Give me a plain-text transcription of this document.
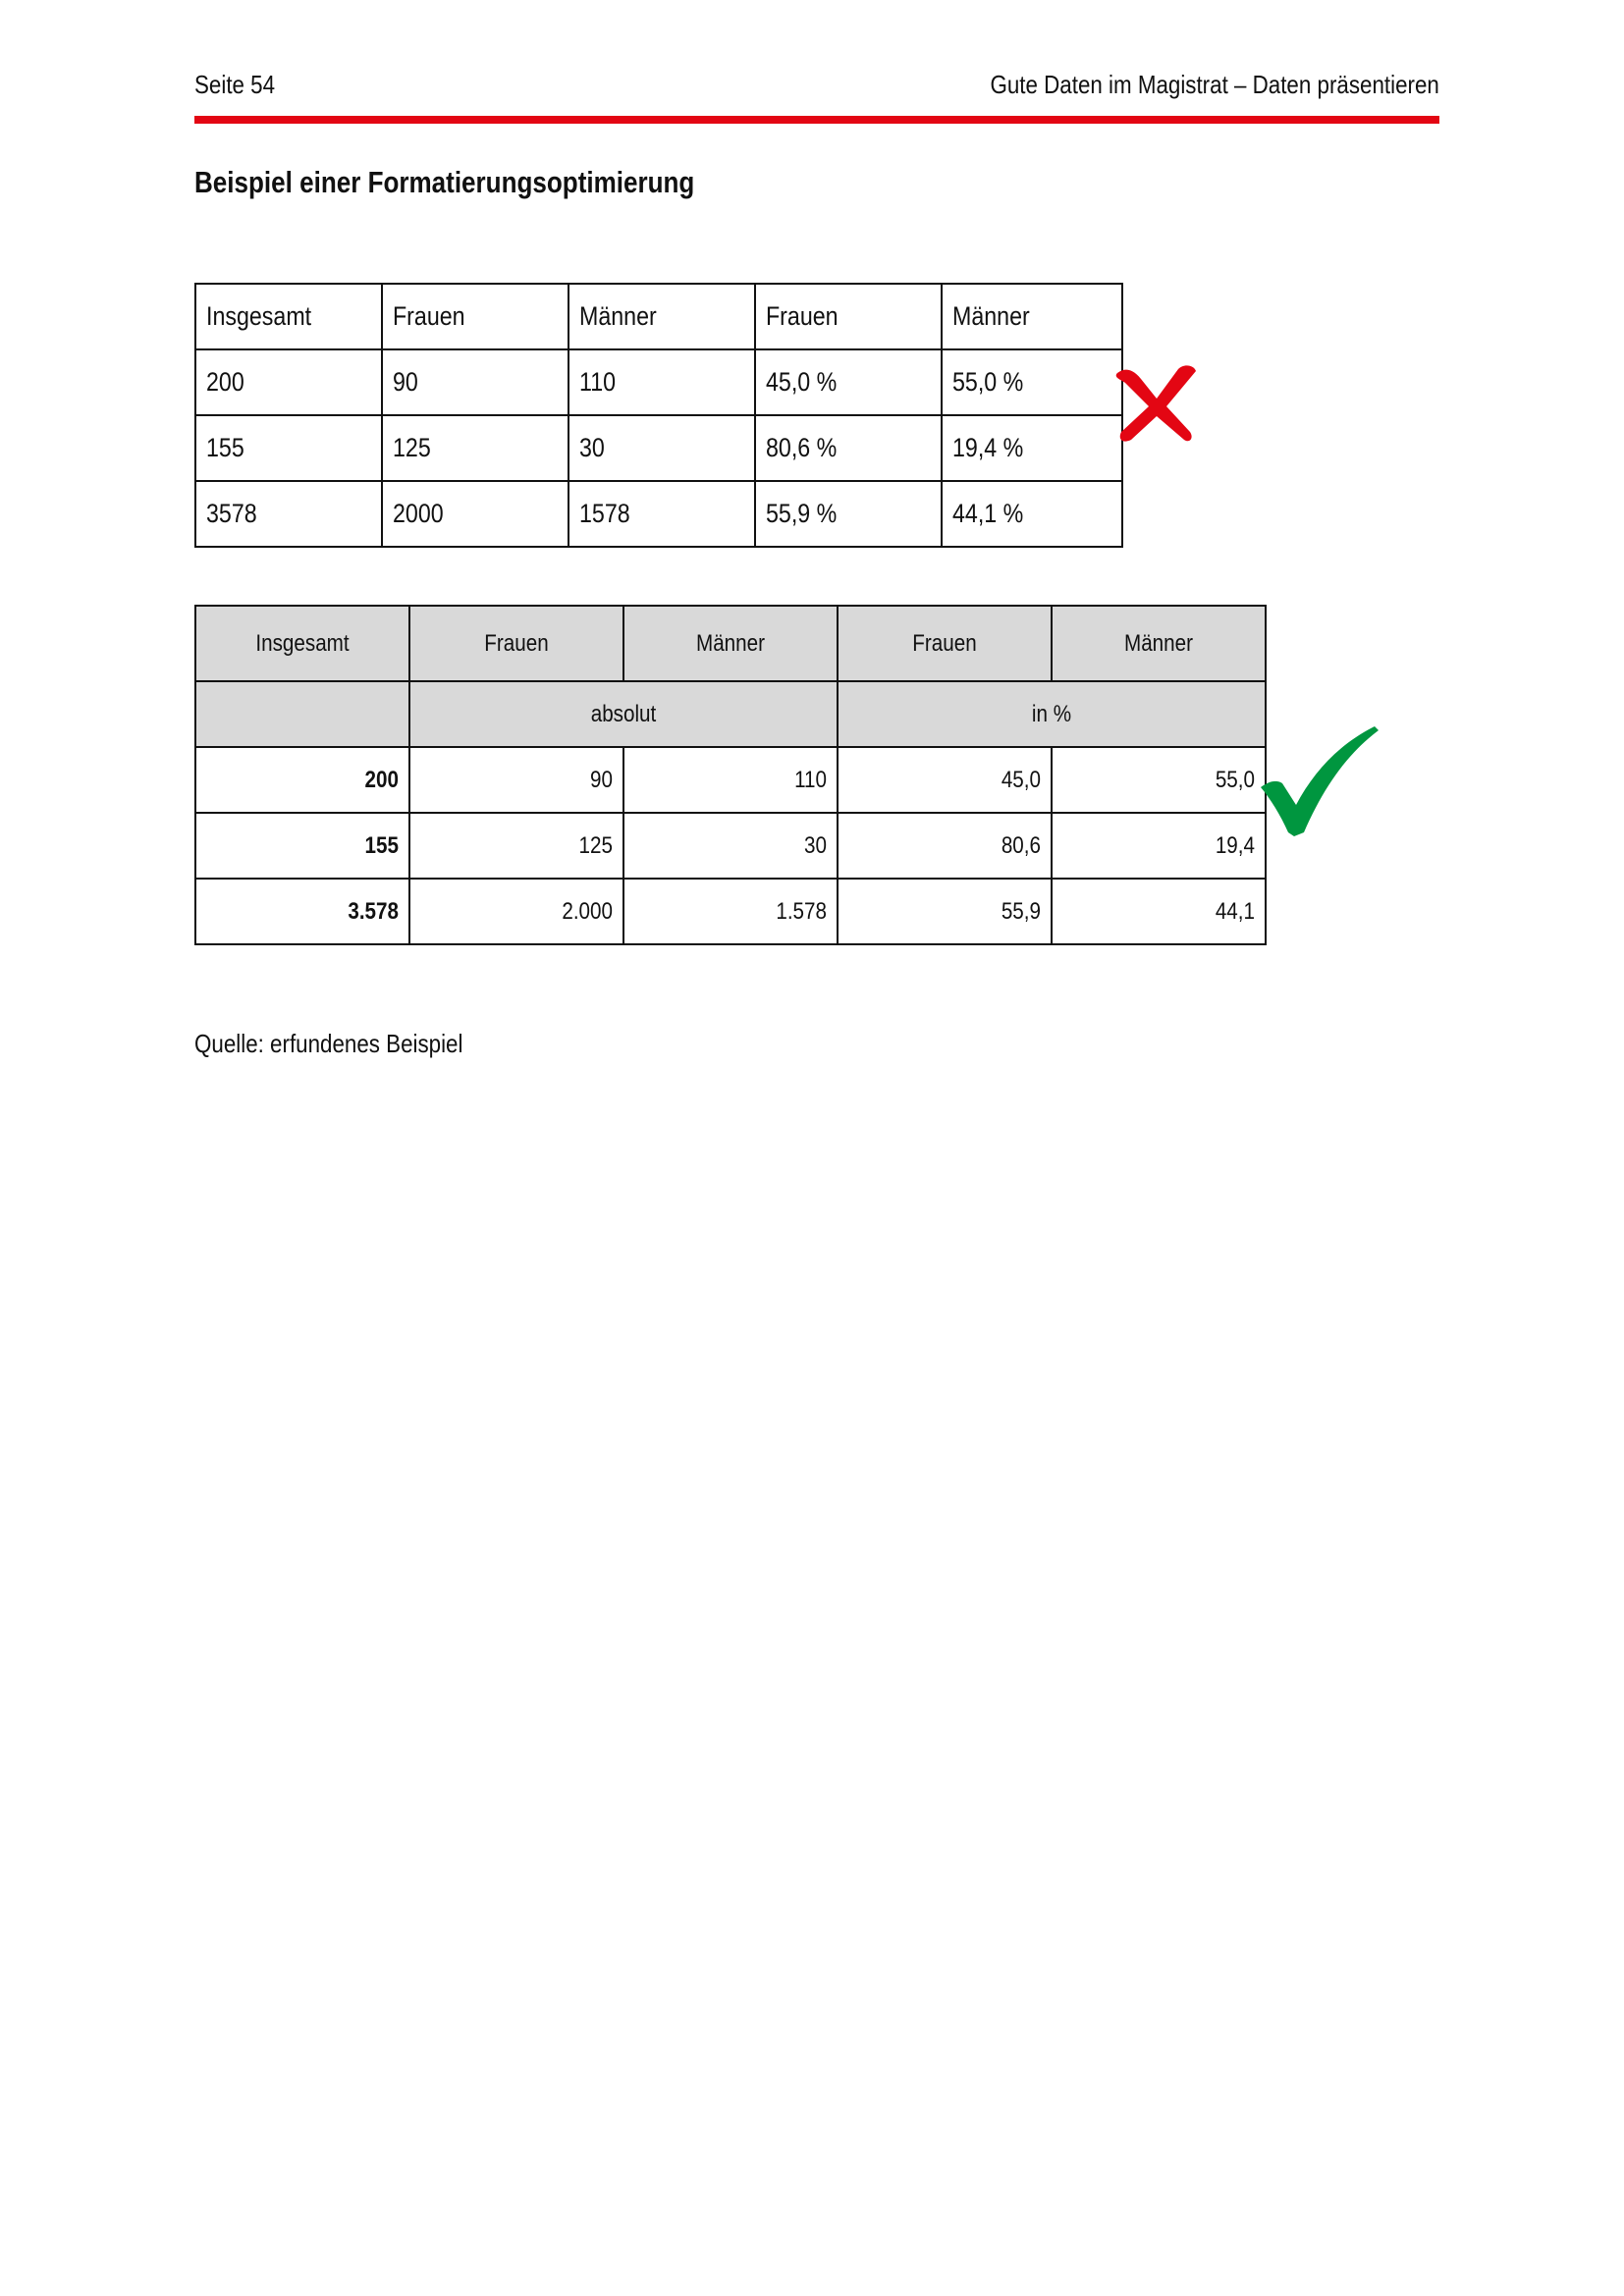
Seite 54	Gute Daten im Magistrat – Daten präsentieren
Beispiel einer Formatierungsoptimierung
Insgesamt	Frauen	Männer	Frauen	Männer

200	90	110	45,0 %	55,0 %

155	125	30	80,6 %	19,4 %

3578	2000	1578	55,9 %	44,1 %
Insgesamt	Frauen	Männer	Frauen	Männer

	absolut		in %	

200	90	110	45,0	55,0

155	125	30	80,6	19,4

3.578	2.000	1.578	55,9	44,1
Quelle: erfundenes Beispiel
